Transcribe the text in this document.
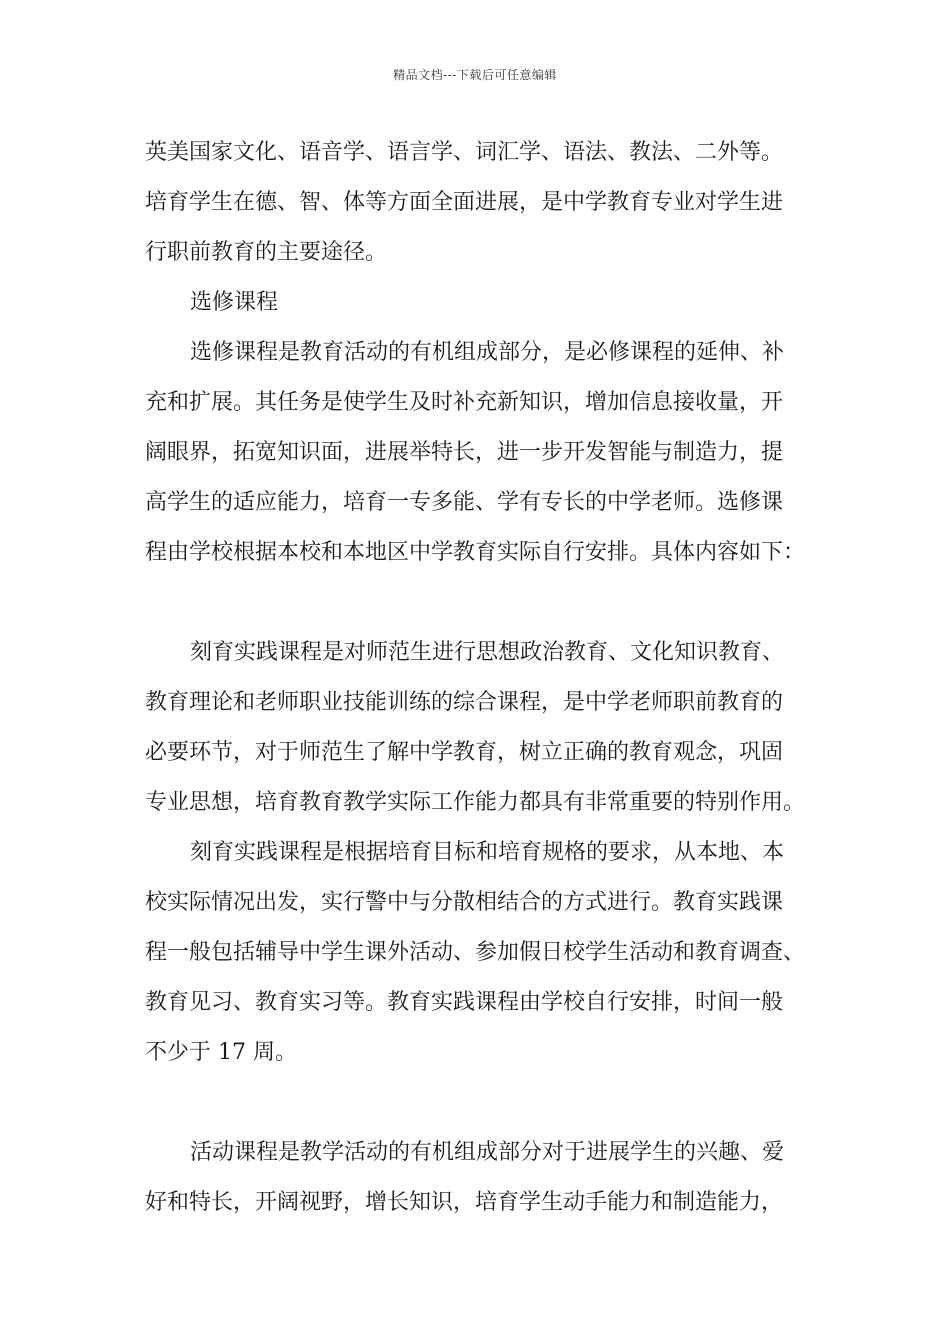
精品文档---下载后可任意编辑
英美国家文化、语音学、语言学、词汇学、语法、教法、二外等。
培育学生在德、智、体等方面全面进展，是中学教育专业对学生进
行职前教育的主要途径。
选修课程
选修课程是教育活动的有机组成部分，是必修课程的延伸、补
充和扩展。其任务是使学生及时补充新知识，增加信息接收量，开
阔眼界，拓宽知识面，进展举特长，进一步开发智能与制造力，提
高学生的适应能力，培育一专多能、学有专长的中学老师。选修课
程由学校根据本校和本地区中学教育实际自行安排。具体内容如下：
刻育实践课程是对师范生进行思想政治教育、文化知识教育、
教育理论和老师职业技能训练的综合课程，是中学老师职前教育的
必要环节，对于师范生了解中学教育，树立正确的教育观念，巩固
专业思想，培育教育教学实际工作能力都具有非常重要的特别作用。
刻育实践课程是根据培育目标和培育规格的要求，从本地、本
校实际情况出发，实行警中与分散相结合的方式进行。教育实践课
程一般包括辅导中学生课外活动、参加假日校学生活动和教育调查、
教育见习、教育实习等。教育实践课程由学校自行安排，时间一般
不少于 17 周。
活动课程是教学活动的有机组成部分对于进展学生的兴趣、爱
好和特长，开阔视野，增长知识，培育学生动手能力和制造能力，
